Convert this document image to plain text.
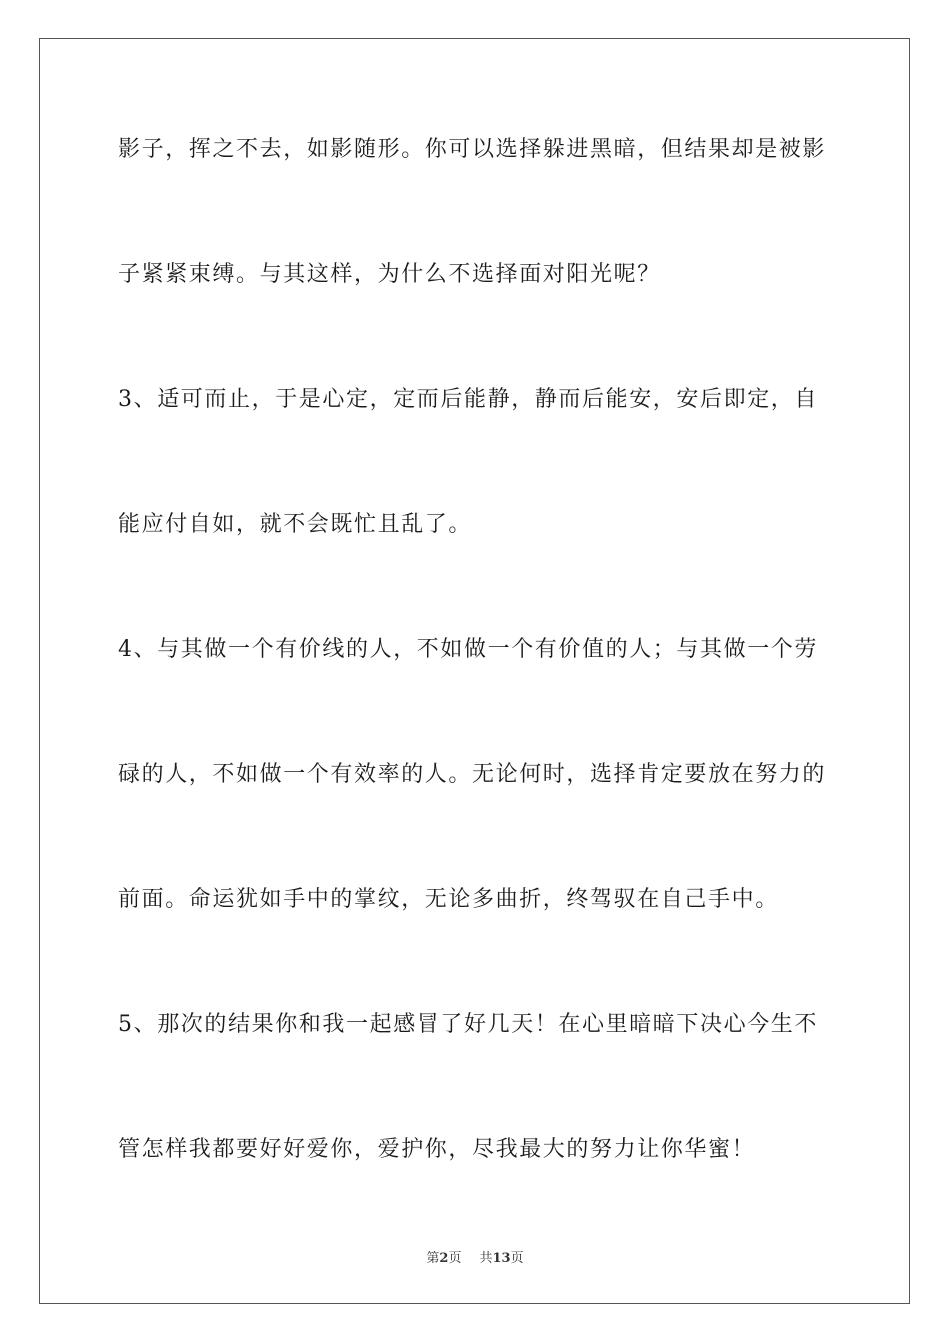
影子，挥之不去，如影随形。你可以选择躲进黑暗，但结果却是被影
子紧紧束缚。与其这样，为什么不选择面对阳光呢？
3、适可而止，于是心定，定而后能静，静而后能安，安后即定，自
能应付自如，就不会既忙且乱了。
4、与其做一个有价线的人，不如做一个有价值的人；与其做一个劳
碌的人，不如做一个有效率的人。无论何时，选择肯定要放在努力的
前面。命运犹如手中的掌纹，无论多曲折，终驾驭在自己手中。
5、那次的结果你和我一起感冒了好几天！在心里暗暗下决心今生不
管怎样我都要好好爱你，爱护你，尽我最大的努力让你华蜜！
第2页 共13页
